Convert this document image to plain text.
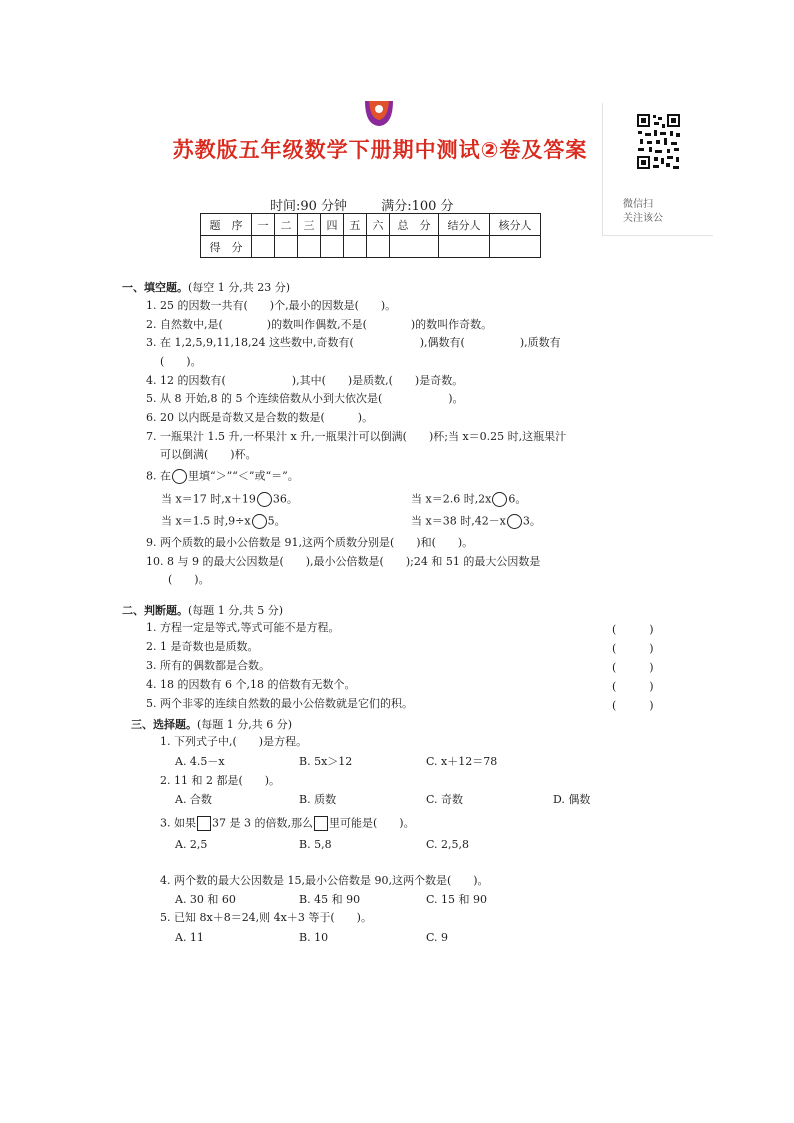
苏教版五年级数学下册期中测试②卷及答案
微信扫
关注该公
时间:90 分钟	满分:100 分
题　序	一	二	三	四	五	六	总　分	结分人	核分人
得　分									
一、填空题。(每空 1 分,共 23 分)
1. 25 的因数一共有(　　)个,最小的因数是(　　)。
2. 自然数中,是(　　　　)的数叫作偶数,不是(　　　　)的数叫作奇数。
3. 在 1,2,5,9,11,18,24 这些数中,奇数有(　　　　　　),偶数有(　　　　　),质数有
(　　)。
4. 12 的因数有(　　　　　　),其中(　　)是质数,(　　)是奇数。
5. 从 8 开始,8 的 5 个连续倍数从小到大依次是(　　　　　　)。
6. 20 以内既是奇数又是合数的数是(　　　)。
7. 一瓶果汁 1.5 升,一杯果汁 x 升,一瓶果汁可以倒满(　　)杯;当 x＝0.25 时,这瓶果汁
可以倒满(　　)杯。
8. 在 里填“＞”“＜”或“＝”。
当 x＝17 时,x＋19 36。	当 x＝2.6 时,2x 6。
当 x＝1.5 时,9÷x 5。	当 x＝38 时,42－x 3。
9. 两个质数的最小公倍数是 91,这两个质数分别是(　　)和(　　)。
10. 8 与 9 的最大公因数是(　　),最小公倍数是(　　);24 和 51 的最大公因数是
(　　)。
二、判断题。(每题 1 分,共 5 分)
1. 方程一定是等式,等式可能不是方程。	(　　　)
2. 1 是奇数也是质数。	(　　　)
3. 所有的偶数都是合数。	(　　　)
4. 18 的因数有 6 个,18 的倍数有无数个。	(　　　)
5. 两个非零的连续自然数的最小公倍数就是它们的积。	(　　　)
三、选择题。(每题 1 分,共 6 分)
1. 下列式子中,(　　)是方程。
A. 4.5－x	B. 5x＞12	C. x＋12＝78
2. 11 和 2 都是(　　)。
A. 合数	B. 质数	C. 奇数	D. 偶数
3. 如果 37 是 3 的倍数,那么 里可能是(　　)。
A. 2,5	B. 5,8	C. 2,5,8
4. 两个数的最大公因数是 15,最小公倍数是 90,这两个数是(　　)。
A. 30 和 60	B. 45 和 90	C. 15 和 90
5. 已知 8x＋8＝24,则 4x＋3 等于(　　)。
A. 11	B. 10	C. 9
